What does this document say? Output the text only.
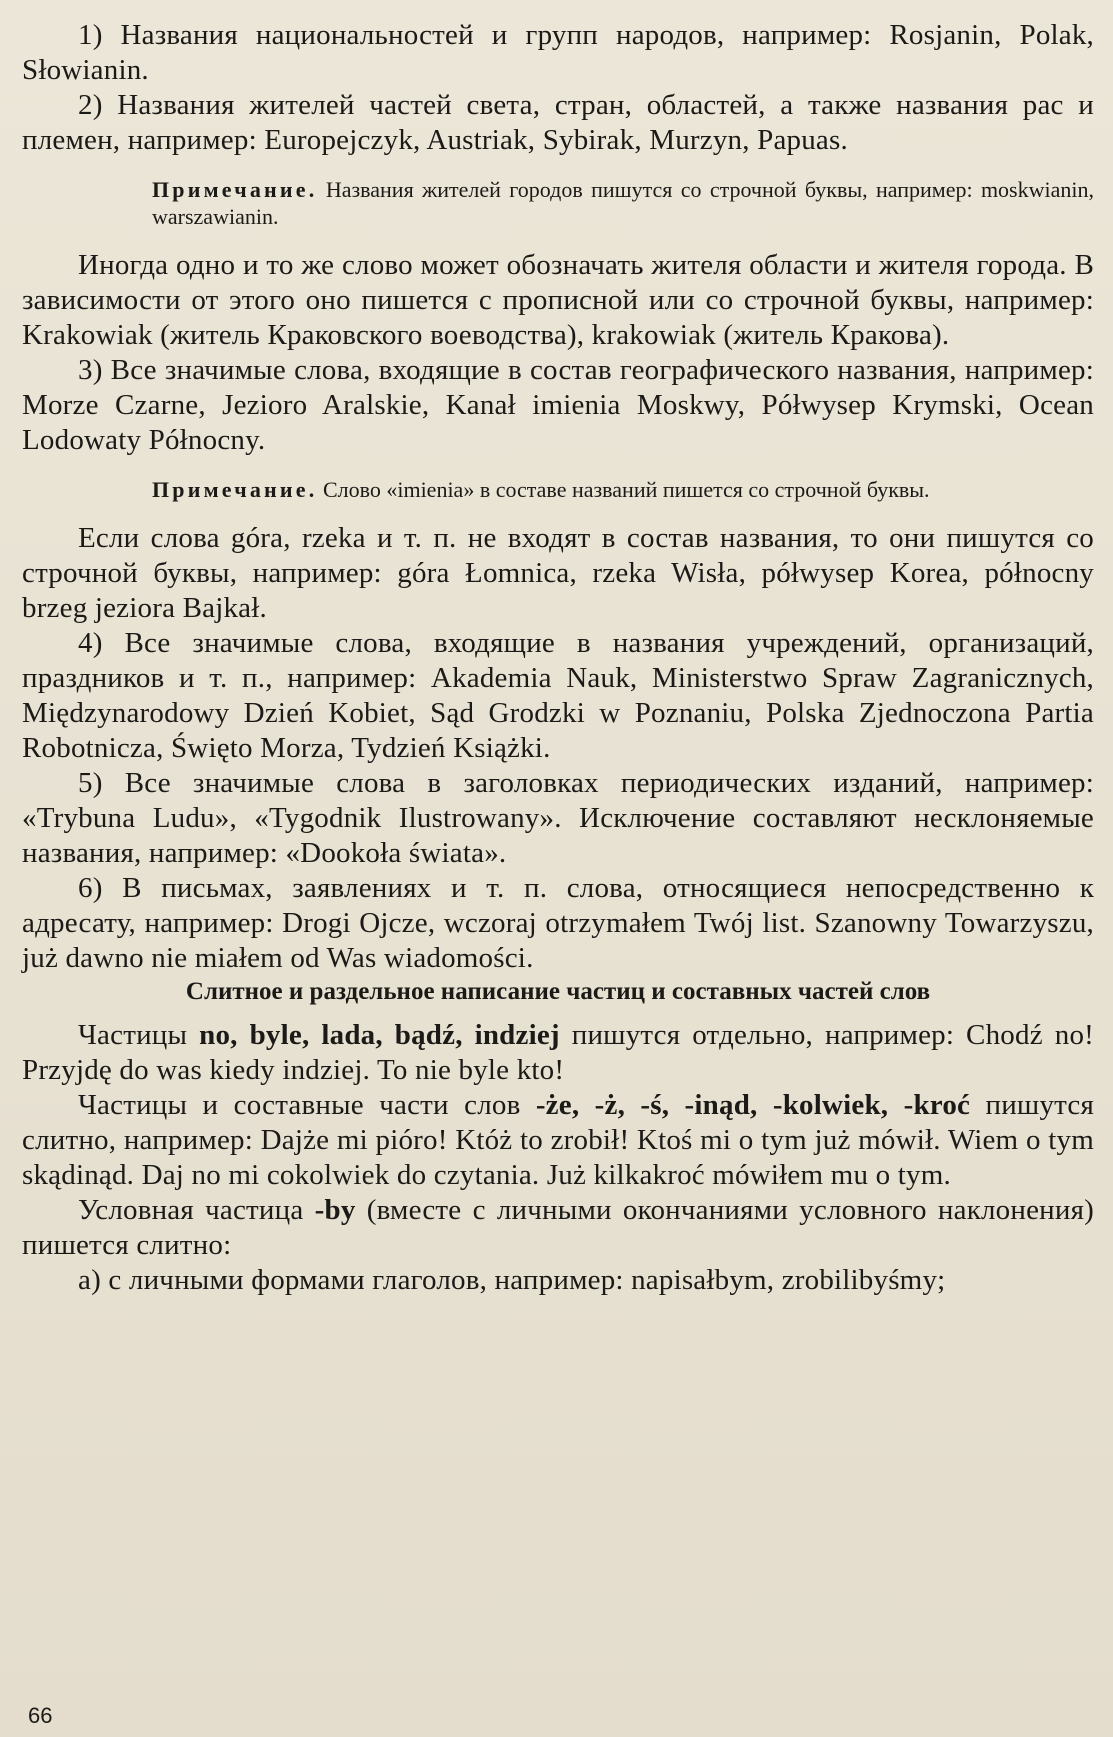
1) Названия национальностей и групп народов, например: Rosjanin, Polak, Słowianin.

2) Названия жителей частей света, стран, областей, а также названия рас и племен, например: Europejczyk, Austriak, Sybirak, Murzyn, Papuas.

Примечание. Названия жителей городов пишутся со строчной буквы, например: moskwianin, warszawianin.

Иногда одно и то же слово может обозначать жителя области и жителя города. В зависимости от этого оно пишется с прописной или со строчной буквы, например: Krakowiak (житель Краковского воеводства), krakowiak (житель Кракова).

3) Все значимые слова, входящие в состав географического названия, например: Morze Czarne, Jezioro Aralskie, Kanał imienia Moskwy, Półwysep Krymski, Ocean Lodowaty Północny.

Примечание. Слово «imienia» в составе названий пишется со строчной буквы.

Если слова góra, rzeka и т. п. не входят в состав названия, то они пишутся со строчной буквы, например: góra Łomnica, rzeka Wisła, półwysep Korea, północny brzeg jeziora Bajkał.

4) Все значимые слова, входящие в названия учреждений, организаций, праздников и т. п., например: Akademia Nauk, Ministerstwo Spraw Zagranicznych, Międzynarodowy Dzień Kobiet, Sąd Grodzki w Poznaniu, Polska Zjednoczona Partia Robotnicza, Święto Morza, Tydzień Książki.

5) Все значимые слова в заголовках периодических изданий, например: «Trybuna Ludu», «Tygodnik Ilustrowany». Исключение составляют несклоняемые названия, например: «Dookoła świata».

6) В письмах, заявлениях и т. п. слова, относящиеся непосредственно к адресату, например: Drogi Ojcze, wczoraj otrzymałem Twój list. Szanowny Towarzyszu, już dawno nie miałem od Was wiadomości.

Слитное и раздельное написание частиц и составных частей слов

Частицы no, byle, lada, bądź, indziej пишутся отдельно, например: Chodź no! Przyjdę do was kiedy indziej. To nie byle kto!

Частицы и составные части слов -że, -ż, -ś, -inąd, -kolwiek, -kroć пишутся слитно, например: Dajże mi pióro! Któż to zrobił! Ktoś mi o tym już mówił. Wiem o tym skądinąd. Daj no mi cokolwiek do czytania. Już kilkakroć mówiłem mu o tym.

Условная частица -by (вместе с личными окончаниями условного наклонения) пишется слитно:

а) с личными формами глаголов, например: napisałbym, zrobilibyśmy;

66
